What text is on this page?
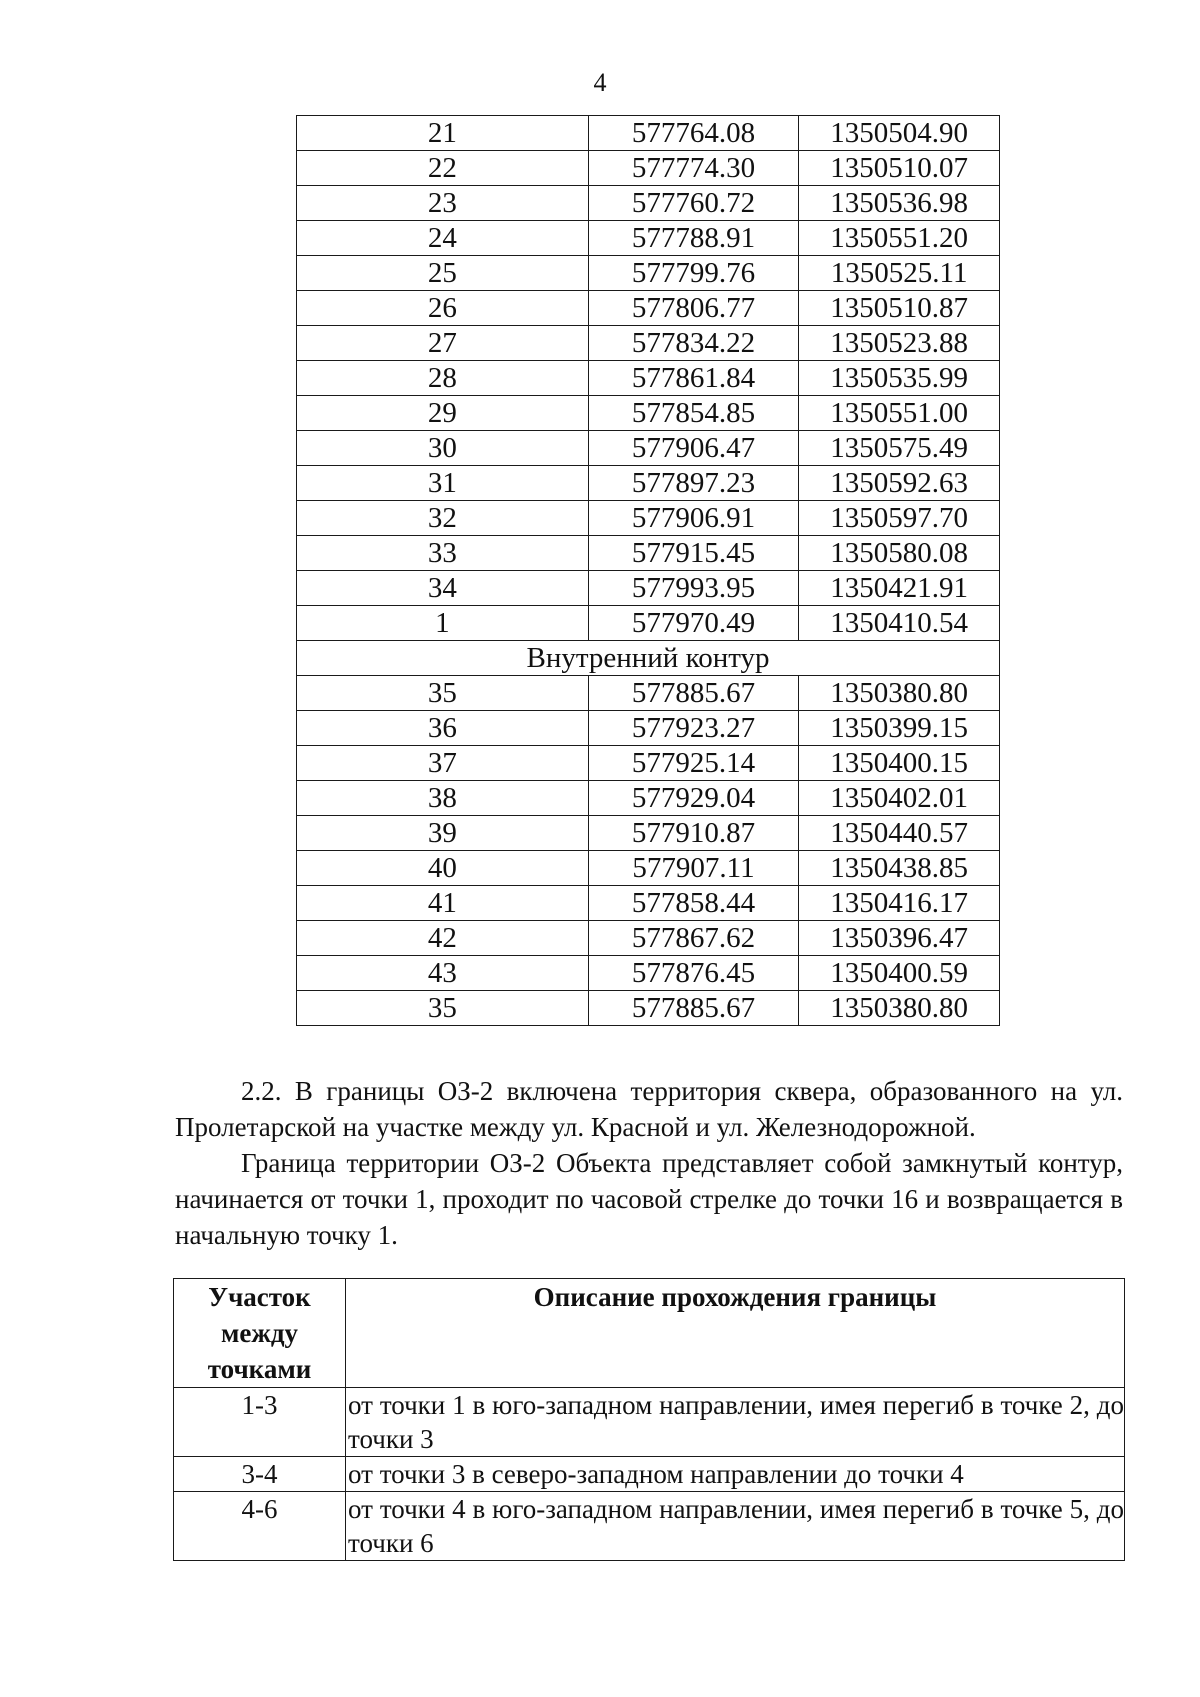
4
21	577764.08	1350504.90
22	577774.30	1350510.07
23	577760.72	1350536.98
24	577788.91	1350551.20
25	577799.76	1350525.11
26	577806.77	1350510.87
27	577834.22	1350523.88
28	577861.84	1350535.99
29	577854.85	1350551.00
30	577906.47	1350575.49
31	577897.23	1350592.63
32	577906.91	1350597.70
33	577915.45	1350580.08
34	577993.95	1350421.91
1	577970.49	1350410.54
Внутренний контур		
35	577885.67	1350380.80
36	577923.27	1350399.15
37	577925.14	1350400.15
38	577929.04	1350402.01
39	577910.87	1350440.57
40	577907.11	1350438.85
41	577858.44	1350416.17
42	577867.62	1350396.47
43	577876.45	1350400.59
35	577885.67	1350380.80

2.2. В границы ОЗ-2 включена территория сквера, образованного на ул. Пролетарской на участке между ул. Красной и ул. Железнодорожной.

Граница территории ОЗ-2 Объекта представляет собой замкнутый контур, начинается от точки 1, проходит по часовой стрелке до точки 16 и возвращается в начальную точку 1.

Участок между точками	Описание прохождения границы
1-3	от точки 1 в юго-западном направлении, имея перегиб в точке 2, до точки 3
3-4	от точки 3 в северо-западном направлении до точки 4
4-6	от точки 4 в юго-западном направлении, имея перегиб в точке 5, до точки 6
